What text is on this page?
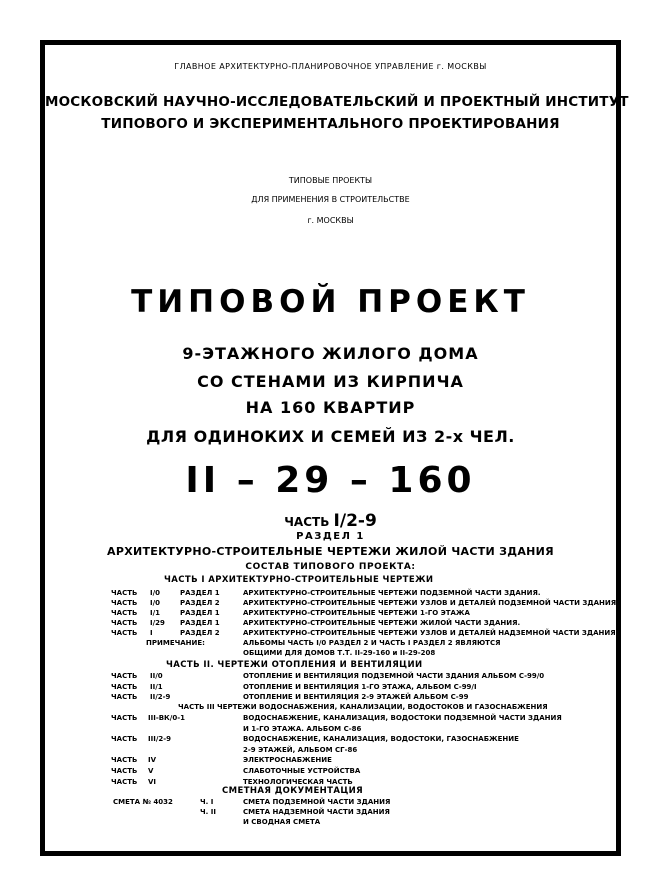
ГЛАВНОЕ АРХИТЕКТУРНО-ПЛАНИРОВОЧНОЕ УПРАВЛЕНИЕ г. МОСКВЫ
МОСКОВСКИЙ НАУЧНО-ИССЛЕДОВАТЕЛЬСКИЙ И ПРОЕКТНЫЙ ИНСТИТУТ
ТИПОВОГО И ЭКСПЕРИМЕНТАЛЬНОГО ПРОЕКТИРОВАНИЯ
ТИПОВЫЕ ПРОЕКТЫ
ДЛЯ ПРИМЕНЕНИЯ В СТРОИТЕЛЬСТВЕ
г. МОСКВЫ
ТИПОВОЙ ПРОЕКТ
9-ЭТАЖНОГО ЖИЛОГО ДОМА
СО СТЕНАМИ ИЗ КИРПИЧА
НА 160 КВАРТИР
ДЛЯ ОДИНОКИХ И СЕМЕЙ ИЗ 2-х ЧЕЛ.
II – 29 – 160
ЧАСТЬ I/2-9
РАЗДЕЛ 1
АРХИТЕКТУРНО-СТРОИТЕЛЬНЫЕ ЧЕРТЕЖИ ЖИЛОЙ ЧАСТИ ЗДАНИЯ
СОСТАВ ТИПОВОГО ПРОЕКТА:
ЧАСТЬ I АРХИТЕКТУРНО-СТРОИТЕЛЬНЫЕ ЧЕРТЕЖИ
ЧАСТЬ I/0	РАЗДЕЛ 1	АРХИТЕКТУРНО-СТРОИТЕЛЬНЫЕ ЧЕРТЕЖИ ПОДЗЕМНОЙ ЧАСТИ ЗДАНИЯ.
ЧАСТЬ I/0	РАЗДЕЛ 2	АРХИТЕКТУРНО-СТРОИТЕЛЬНЫЕ ЧЕРТЕЖИ УЗЛОВ И ДЕТАЛЕЙ ПОДЗЕМНОЙ ЧАСТИ ЗДАНИЯ.
ЧАСТЬ I/1	РАЗДЕЛ 1	АРХИТЕКТУРНО-СТРОИТЕЛЬНЫЕ ЧЕРТЕЖИ 1-ГО ЭТАЖА
ЧАСТЬ I/29 РАЗДЕЛ 1	АРХИТЕКТУРНО-СТРОИТЕЛЬНЫЕ ЧЕРТЕЖИ ЖИЛОЙ ЧАСТИ ЗДАНИЯ.
ЧАСТЬ I	РАЗДЕЛ 2	АРХИТЕКТУРНО-СТРОИТЕЛЬНЫЕ ЧЕРТЕЖИ УЗЛОВ И ДЕТАЛЕЙ НАДЗЕМНОЙ ЧАСТИ ЗДАНИЯ.
ПРИМЕЧАНИЕ:	АЛЬБОМЫ ЧАСТЬ I/0 РАЗДЕЛ 2 И ЧАСТЬ I РАЗДЕЛ 2 ЯВЛЯЮТСЯ
ОБЩИМИ ДЛЯ ДОМОВ Т.Т. II-29-160 и II-29-208
ЧАСТЬ II. ЧЕРТЕЖИ ОТОПЛЕНИЯ И ВЕНТИЛЯЦИИ
ЧАСТЬ II/0	ОТОПЛЕНИЕ И ВЕНТИЛЯЦИЯ ПОДЗЕМНОЙ ЧАСТИ ЗДАНИЯ АЛЬБОМ С-99/0
ЧАСТЬ II/1	ОТОПЛЕНИЕ И ВЕНТИЛЯЦИЯ 1-ГО ЭТАЖА, АЛЬБОМ С-99/I
ЧАСТЬ II/2-9	ОТОПЛЕНИЕ И ВЕНТИЛЯЦИЯ 2-9 ЭТАЖЕЙ АЛЬБОМ С-99
ЧАСТЬ III ЧЕРТЕЖИ ВОДОСНАБЖЕНИЯ, КАНАЛИЗАЦИИ, ВОДОСТОКОВ И ГАЗОСНАБЖЕНИЯ
ЧАСТЬ III-ВК/0-1	ВОДОСНАБЖЕНИЕ, КАНАЛИЗАЦИЯ, ВОДОСТОКИ ПОДЗЕМНОЙ ЧАСТИ ЗДАНИЯ
И 1-ГО ЭТАЖА. АЛЬБОМ С-86
ЧАСТЬ III/2-9	ВОДОСНАБЖЕНИЕ, КАНАЛИЗАЦИЯ, ВОДОСТОКИ, ГАЗОСНАБЖЕНИЕ
2-9 ЭТАЖЕЙ, АЛЬБОМ СГ-86
ЧАСТЬ IV	ЭЛЕКТРОСНАБЖЕНИЕ
ЧАСТЬ V	СЛАБОТОЧНЫЕ УСТРОЙСТВА
ЧАСТЬ VI	ТЕХНОЛОГИЧЕСКАЯ ЧАСТЬ
СМЕТНАЯ ДОКУМЕНТАЦИЯ
СМЕТА № 4032	Ч. I	СМЕТА ПОДЗЕМНОЙ ЧАСТИ ЗДАНИЯ
Ч. II	СМЕТА НАДЗЕМНОЙ ЧАСТИ ЗДАНИЯ
И СВОДНАЯ СМЕТА
